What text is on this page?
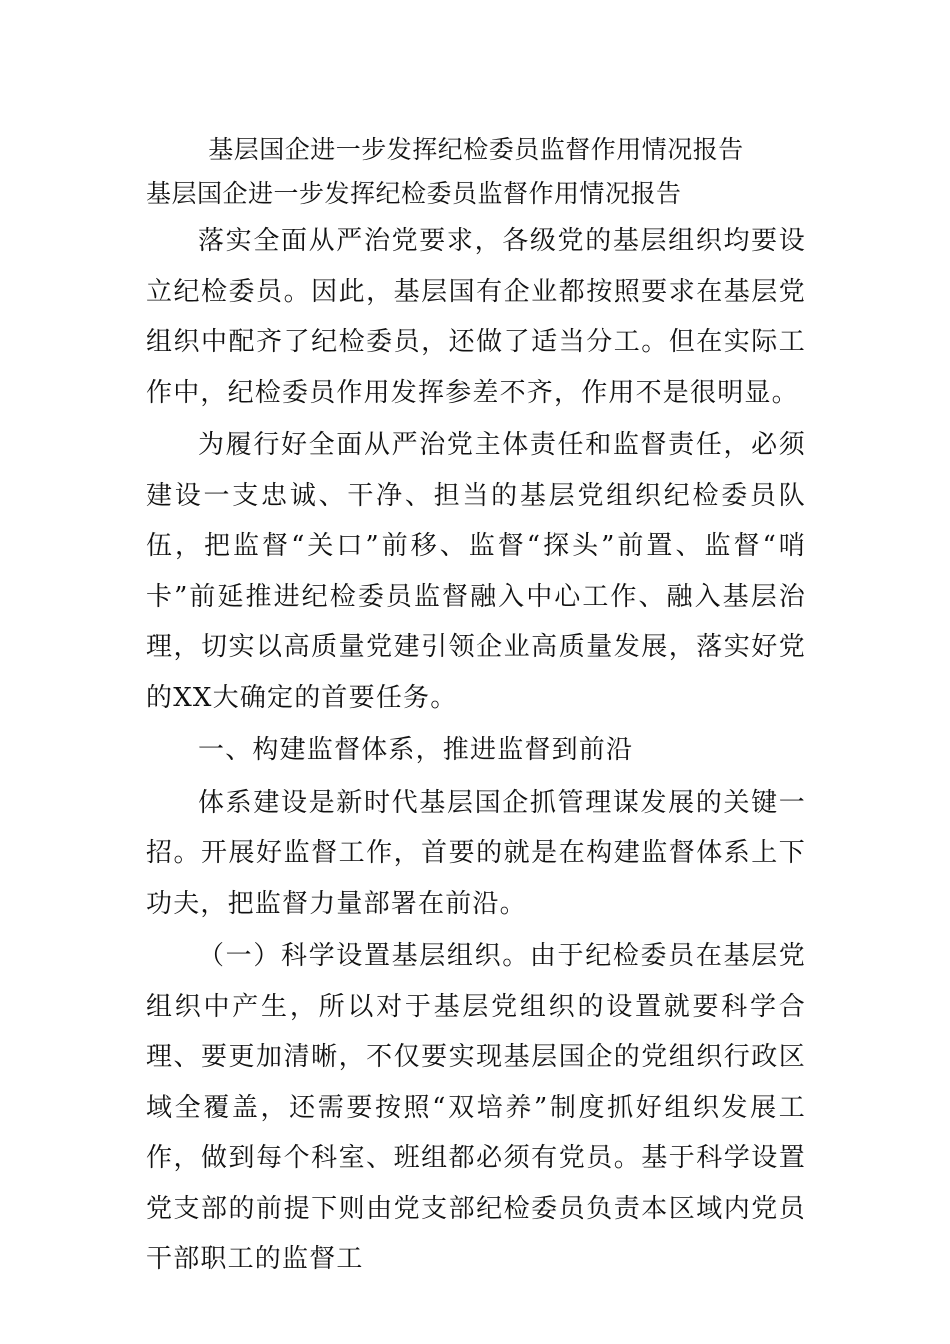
基层国企进一步发挥纪检委员监督作用情况报告
基层国企进一步发挥纪检委员监督作用情况报告

落实全面从严治党要求，各级党的基层组织均要设立纪检委员。因此，基层国有企业都按照要求在基层党组织中配齐了纪检委员，还做了适当分工。但在实际工作中，纪检委员作用发挥参差不齐，作用不是很明显。

为履行好全面从严治党主体责任和监督责任，必须建设一支忠诚、干净、担当的基层党组织纪检委员队伍，把监督“关口”前移、监督“探头”前置、监督“哨卡”前延推进纪检委员监督融入中心工作、融入基层治理，切实以高质量党建引领企业高质量发展，落实好党的XX大确定的首要任务。

一、构建监督体系，推进监督到前沿

体系建设是新时代基层国企抓管理谋发展的关键一招。开展好监督工作，首要的就是在构建监督体系上下功夫，把监督力量部署在前沿。

（一）科学设置基层组织。由于纪检委员在基层党组织中产生，所以对于基层党组织的设置就要科学合理、要更加清晰，不仅要实现基层国企的党组织行政区域全覆盖，还需要按照“双培养”制度抓好组织发展工作，做到每个科室、班组都必须有党员。基于科学设置党支部的前提下则由党支部纪检委员负责本区域内党员干部职工的监督工
